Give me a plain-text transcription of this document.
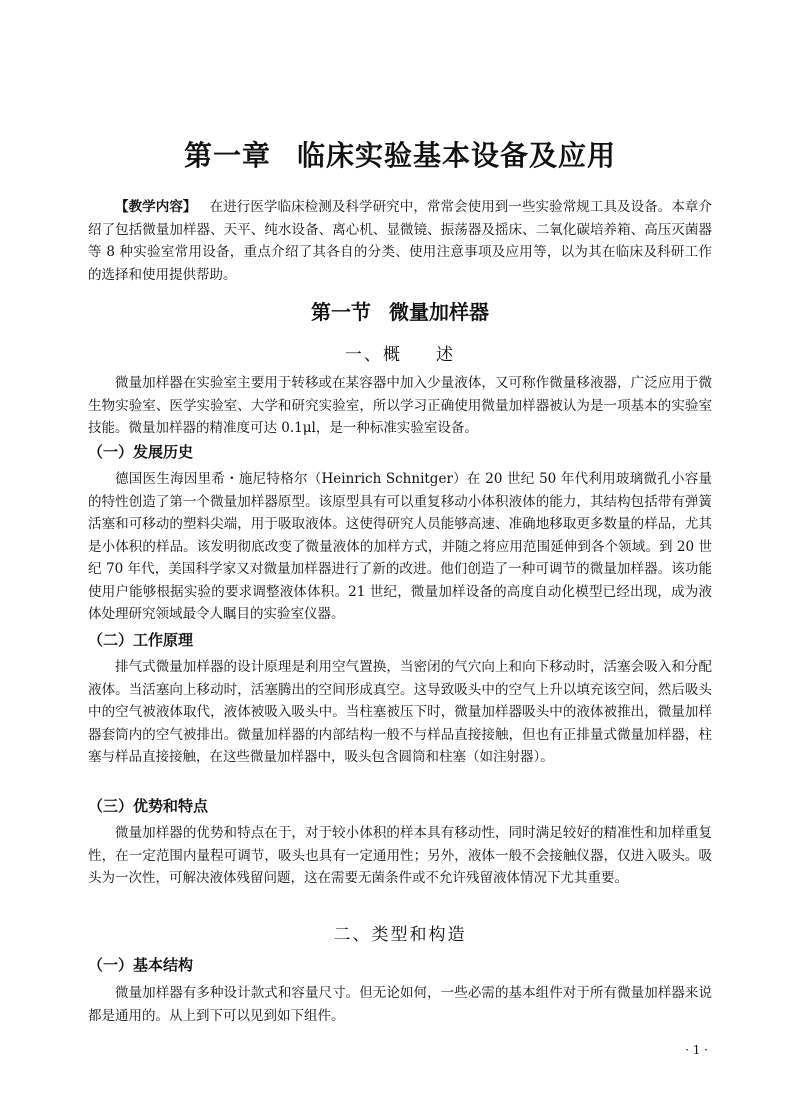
第一章 临床实验基本设备及应用

【教学内容】 在进行医学临床检测及科学研究中，常常会使用到一些实验常规工具及设备。本章介绍了包括微量加样器、天平、纯水设备、离心机、显微镜、振荡器及摇床、二氧化碳培养箱、高压灭菌器等 8 种实验室常用设备，重点介绍了其各自的分类、使用注意事项及应用等，以为其在临床及科研工作的选择和使用提供帮助。

第一节 微量加样器
一、概 述

微量加样器在实验室主要用于转移或在某容器中加入少量液体，又可称作微量移液器，广泛应用于微生物实验室、医学实验室、大学和研究实验室，所以学习正确使用微量加样器被认为是一项基本的实验室技能。微量加样器的精准度可达 0.1μl，是一种标准实验室设备。

（一）发展历史

德国医生海因里希・施尼特格尔（Heinrich Schnitger）在 20 世纪 50 年代利用玻璃微孔小容量的特性创造了第一个微量加样器原型。该原型具有可以重复移动小体积液体的能力，其结构包括带有弹簧活塞和可移动的塑料尖端，用于吸取液体。这使得研究人员能够高速、准确地移取更多数量的样品，尤其是小体积的样品。该发明彻底改变了微量液体的加样方式，并随之将应用范围延伸到各个领域。到 20 世纪 70 年代，美国科学家又对微量加样器进行了新的改进。他们创造了一种可调节的微量加样器。该功能使用户能够根据实验的要求调整液体体积。21 世纪，微量加样设备的高度自动化模型已经出现，成为液体处理研究领域最令人瞩目的实验室仪器。

（二）工作原理

排气式微量加样器的设计原理是利用空气置换，当密闭的气穴向上和向下移动时，活塞会吸入和分配液体。当活塞向上移动时，活塞腾出的空间形成真空。这导致吸头中的空气上升以填充该空间，然后吸头中的空气被液体取代，液体被吸入吸头中。当柱塞被压下时，微量加样器吸头中的液体被推出，微量加样器套筒内的空气被排出。微量加样器的内部结构一般不与样品直接接触，但也有正排量式微量加样器，柱塞与样品直接接触，在这些微量加样器中，吸头包含圆筒和柱塞（如注射器）。

（三）优势和特点

微量加样器的优势和特点在于，对于较小体积的样本具有移动性，同时满足较好的精准性和加样重复性，在一定范围内量程可调节，吸头也具有一定通用性；另外，液体一般不会接触仪器，仅进入吸头。吸头为一次性，可解决液体残留问题，这在需要无菌条件或不允许残留液体情况下尤其重要。

二、类型和构造
（一）基本结构

微量加样器有多种设计款式和容量尺寸。但无论如何，一些必需的基本组件对于所有微量加样器来说都是通用的。从上到下可以见到如下组件。

· 1 ·
